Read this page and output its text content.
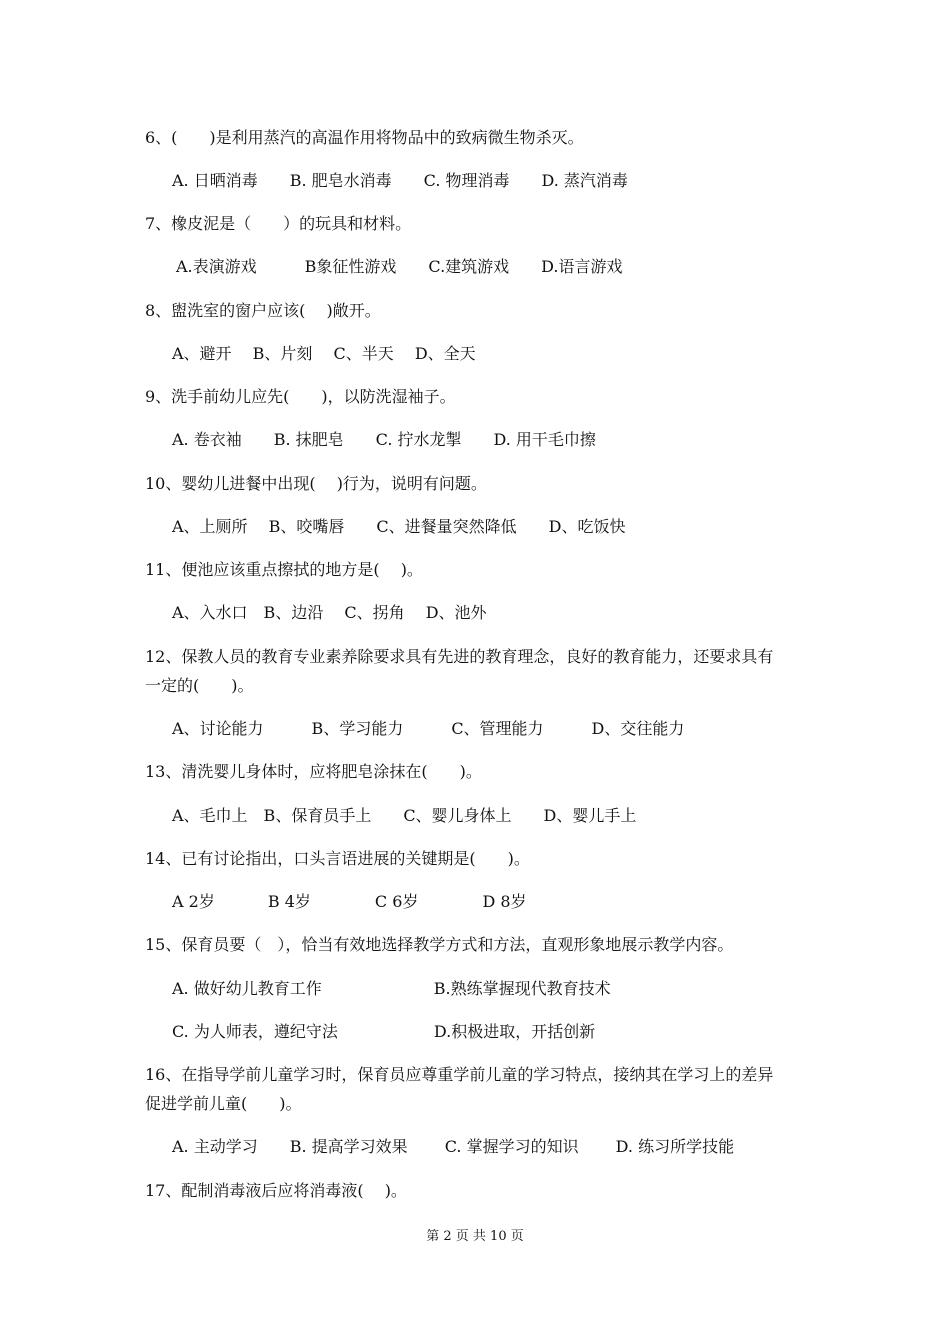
6、(　　)是利用蒸汽的高温作用将物品中的致病微生物杀灭。
A. 日晒消毒　　B. 肥皂水消毒　　C. 物理消毒　　D. 蒸汽消毒
7、橡皮泥是（　　）的玩具和材料。
A.表演游戏　　　B象征性游戏　　C.建筑游戏　　D.语言游戏
8、盥洗室的窗户应该(　 )敞开。
A、避开　 B、片刻　 C、半天　 D、全天
9、洗手前幼儿应先(　　)，以防洗湿袖子。
A. 卷衣袖　　B. 抹肥皂　　C. 拧水龙掣　　D. 用干毛巾擦
10、婴幼儿进餐中出现(　 )行为，说明有问题。
A、上厕所　 B、咬嘴唇　　C、进餐量突然降低　　D、吃饭快
11、便池应该重点擦拭的地方是(　 )。
A、入水口　B、边沿　 C、拐角　 D、池外
12、保教人员的教育专业素养除要求具有先进的教育理念，良好的教育能力，还要求具有
一定的(　　)。
A、讨论能力　　　B、学习能力　　　C、管理能力　　　D、交往能力
13、清洗婴儿身体时，应将肥皂涂抹在(　　)。
A、毛巾上　B、保育员手上　　C、婴儿身体上　　D、婴儿手上
14、已有讨论指出，口头言语进展的关键期是(　　)。
A 2岁　　　 B 4岁　　　　C 6岁　　　　D 8岁
15、保育员要（　），恰当有效地选择教学方式和方法，直观形象地展示教学内容。
A. 做好幼儿教育工作　　　　　　　B.熟练掌握现代教育技术
C. 为人师表，遵纪守法　　　　　　D.积极进取，开括创新
16、在指导学前儿童学习时，保育员应尊重学前儿童的学习特点，接纳其在学习上的差异
促进学前儿童(　　)。
A. 主动学习　　B. 提高学习效果　　 C. 掌握学习的知识　　 D. 练习所学技能
17、配制消毒液后应将消毒液(　 )。
第 2 页 共 10 页
